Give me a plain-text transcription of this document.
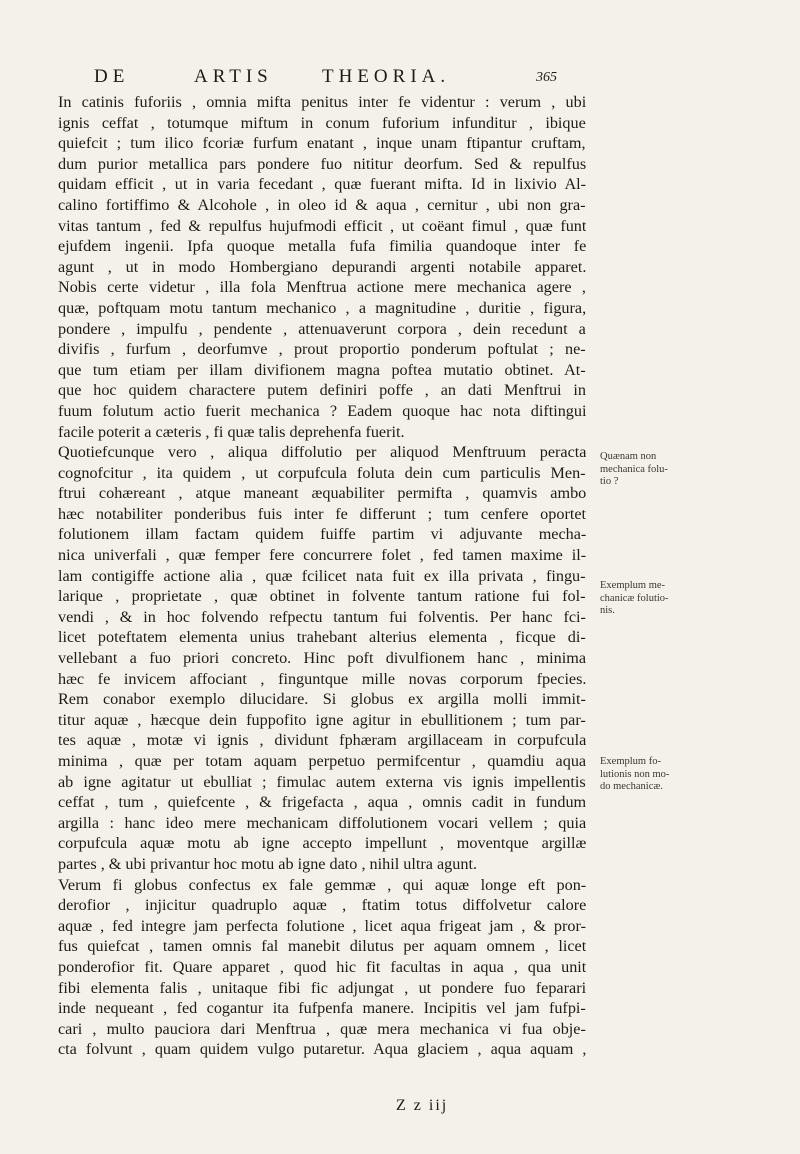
DE	ARTIS	THEORIA.	365
In catinis fuforiis , omnia mifta penitus inter fe videntur : verum , ubi
ignis ceffat , totumque miftum in conum fuforium infunditur , ibique
quiefcit ; tum ilico fcoriæ furfum enatant , inque unam ftipantur cruftam,
dum purior metallica pars pondere fuo nititur deorfum. Sed & repulfus
quidam efficit , ut in varia fecedant , quæ fuerant mifta. Id in lixivio Al-
calino fortiffimo & Alcohole , in oleo id & aqua , cernitur , ubi non gra-
vitas tantum , fed & repulfus hujufmodi efficit , ut coëant fimul , quæ funt
ejufdem ingenii. Ipfa quoque metalla fufa fimilia quandoque inter fe
agunt , ut in modo Hombergiano depurandi argenti notabile apparet.
Nobis certe videtur , illa fola Menftrua actione mere mechanica agere ,
quæ, poftquam motu tantum mechanico , a magnitudine , duritie , figura,
pondere , impulfu , pendente , attenuaverunt corpora , dein recedunt a
divifis , furfum , deorfumve , prout proportio ponderum poftulat ; ne-
que tum etiam per illam divifionem magna poftea mutatio obtinet. At-
que hoc quidem charactere putem definiri poffe , an dati Menftrui in
fuum folutum actio fuerit mechanica ? Eadem quoque hac nota diftingui
facile poterit a cæteris , fi quæ talis deprehenfa fuerit.
Quotiefcunque vero , aliqua diffolutio per aliquod Menftruum peracta
cognofcitur , ita quidem , ut corpufcula foluta dein cum particulis Men-
ftrui cohæreant , atque maneant æquabiliter permifta , quamvis ambo
hæc notabiliter ponderibus fuis inter fe differunt ; tum cenfere oportet
folutionem illam factam quidem fuiffe partim vi adjuvante mecha-
nica univerfali , quæ femper fere concurrere folet , fed tamen maxime il-
lam contigiffe actione alia , quæ fcilicet nata fuit ex illa privata , fingu-
larique , proprietate , quæ obtinet in folvente tantum ratione fui fol-
vendi , & in hoc folvendo refpectu tantum fui folventis. Per hanc fci-
licet poteftatem elementa unius trahebant alterius elementa , ficque di-
vellebant a fuo priori concreto. Hinc poft divulfionem hanc , minima
hæc fe invicem affociant , finguntque mille novas corporum fpecies.
Rem conabor exemplo dilucidare. Si globus ex argilla molli immit-
titur aquæ , hæcque dein fuppofito igne agitur in ebullitionem ; tum par-
tes aquæ , motæ vi ignis , dividunt fphæram argillaceam in corpufcula
minima , quæ per totam aquam perpetuo permifcentur , quamdiu aqua
ab igne agitatur ut ebulliat ; fimulac autem externa vis ignis impellentis
ceffat , tum , quiefcente , & frigefacta , aqua , omnis cadit in fundum
argilla : hanc ideo mere mechanicam diffolutionem vocari vellem ; quia
corpufcula aquæ motu ab igne accepto impellunt , moventque argillæ
partes , & ubi privantur hoc motu ab igne dato , nihil ultra agunt.
Verum fi globus confectus ex fale gemmæ , qui aquæ longe eft pon-
derofior , injicitur quadruplo aquæ , ftatim totus diffolvetur calore
aquæ , fed integre jam perfecta folutione , licet aqua frigeat jam , & pror-
fus quiefcat , tamen omnis fal manebit dilutus per aquam omnem , licet
ponderofior fit. Quare apparet , quod hic fit facultas in aqua , qua unit
fibi elementa falis , unitaque fibi fic adjungat , ut pondere fuo feparari
inde nequeant , fed cogantur ita fufpenfa manere. Incipitis vel jam fufpi-
cari , multo pauciora dari Menftrua , quæ mera mechanica vi fua obje-
cta folvunt , quam quidem vulgo putaretur. Aqua glaciem , aqua aquam ,
Quænam non
mechanica folu-
tio ?
Exemplum me-
chanicæ folutio-
nis.
Exemplum fo-
lutionis non mo-
do mechanicæ.
Z z iij
